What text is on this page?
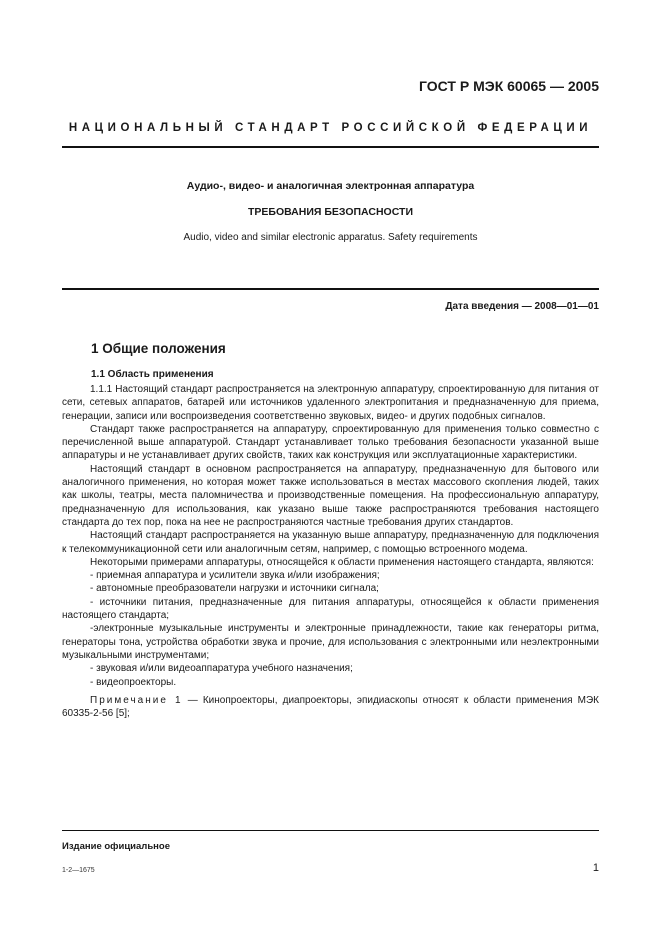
ГОСТ Р МЭК 60065 — 2005
НАЦИОНАЛЬНЫЙ СТАНДАРТ РОССИЙСКОЙ ФЕДЕРАЦИИ
Аудио-, видео- и аналогичная электронная аппаратура
ТРЕБОВАНИЯ БЕЗОПАСНОСТИ
Audio, video and similar electronic apparatus. Safety requirements
Дата введения — 2008—01—01
1 Общие положения
1.1 Область применения

1.1.1 Настоящий стандарт распространяется на электронную аппаратуру, спроектированную для питания от сети, сетевых аппаратов, батарей или источников удаленного электропитания и предназначенную для приема, генерации, записи или воспроизведения соответственно звуковых, видео- и других подобных сигналов.

Стандарт также распространяется на аппаратуру, спроектированную для применения только совместно с перечисленной выше аппаратурой. Стандарт устанавливает только требования безопасности указанной выше аппаратуры и не устанавливает других свойств, таких как конструкция или эксплуатационные характеристики.

Настоящий стандарт в основном распространяется на аппаратуру, предназначенную для бытового или аналогичного применения, но которая может также использоваться в местах массового скопления людей, таких как школы, театры, места паломничества и производственные помещения. На профессиональную аппаратуру, предназначенную для использования, как указано выше также распространяются требования настоящего стандарта до тех пор, пока на нее не распространяются частные требования других стандартов.

Настоящий стандарт распространяется на указанную выше аппаратуру, предназначенную для подключения к телекоммуникационной сети или аналогичным сетям, например, с помощью встроенного модема.

Некоторыми примерами аппаратуры, относящейся к области применения настоящего стандарта, являются:

- приемная аппаратура и усилители звука и/или изображения;

- автономные преобразователи нагрузки и источники сигнала;

- источники питания, предназначенные для питания аппаратуры, относящейся к области применения настоящего стандарта;

-электронные музыкальные инструменты и электронные принадлежности, такие как генераторы ритма, генераторы тона, устройства обработки звука и прочие, для использования с электронными или неэлектронными музыкальными инструментами;

- звуковая и/или видеоаппаратура учебного назначения;

- видеопроекторы.

Примечание 1 — Кинопроекторы, диапроекторы, эпидиаскопы относят к области применения МЭК 60335-2-56 [5];

Издание официальное
1-2—1675	1
